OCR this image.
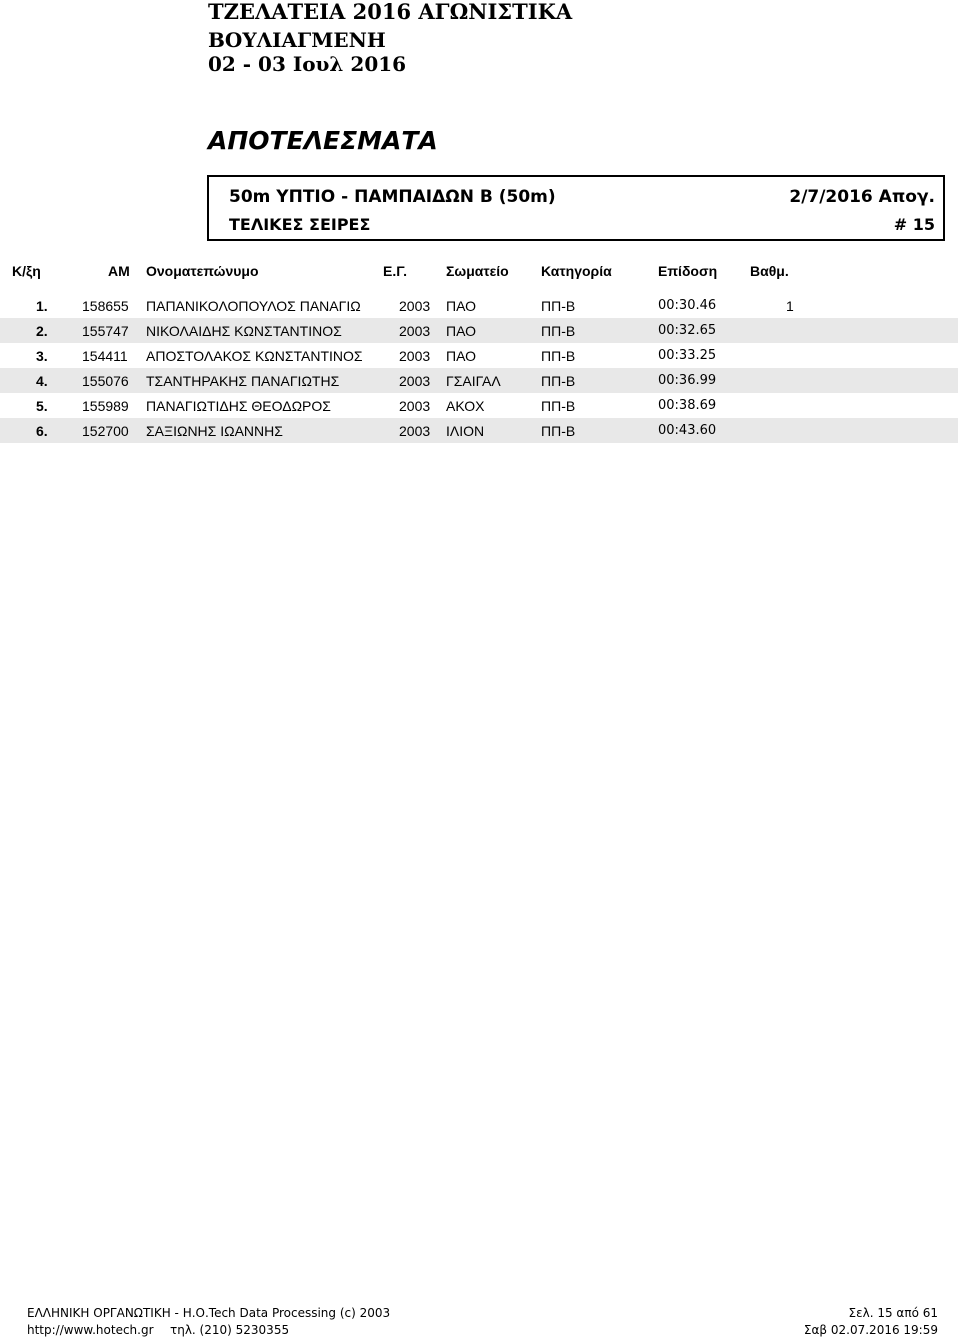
ΤΖΕΛΑΤΕΙΑ 2016 ΑΓΩΝΙΣΤΙΚΑ
ΒΟΥΛΙΑΓΜΕΝΗ
02 - 03 Ιουλ 2016
ΑΠΟΤΕΛΕΣΜΑΤΑ
50m ΥΠΤΙΟ - ΠΑΜΠΑΙΔΩΝ Β (50m)	2/7/2016 Απογ.
ΤΕΛΙΚΕΣ ΣΕΙΡΕΣ	# 15
Κ/ξη	ΑΜ Ονοματεπώνυμο	Ε.Γ.	Σωματείο Κατηγορία	Επίδοση Βαθμ.
1. 158655 ΠΑΠΑΝΙΚΟΛΟΠΟΥΛΟΣ ΠΑΝΑΓΙΩ	2003 ΠΑΟ	ΠΠ-Β	00:30.46	1
2. 155747 ΝΙΚΟΛΑΙΔΗΣ ΚΩΝΣΤΑΝΤΙΝΟΣ	2003 ΠΑΟ	ΠΠ-Β	00:32.65
3. 154411 ΑΠΟΣΤΟΛΑΚΟΣ ΚΩΝΣΤΑΝΤΙΝΟΣ	2003 ΠΑΟ	ΠΠ-Β	00:33.25
4. 155076 ΤΣΑΝΤΗΡΑΚΗΣ ΠΑΝΑΓΙΩΤΗΣ	2003 ΓΣΑΙΓΑΛ	ΠΠ-Β	00:36.99
5. 155989 ΠΑΝΑΓΙΩΤΙΔΗΣ ΘΕΟΔΩΡΟΣ	2003 ΑΚΟΧ	ΠΠ-Β	00:38.69
6. 152700 ΣΑΞΙΩΝΗΣ ΙΩΑΝΝΗΣ	2003 ΙΛΙΟΝ	ΠΠ-Β	00:43.60
ΕΛΛΗΝΙΚΗ ΟΡΓΑΝΩΤΙΚΗ - Η.Ο.Tech Data Processing (c) 2003
http://www.hotech.gr τηλ. (210) 5230355
Σελ. 15 από 61
Σαβ 02.07.2016 19:59
